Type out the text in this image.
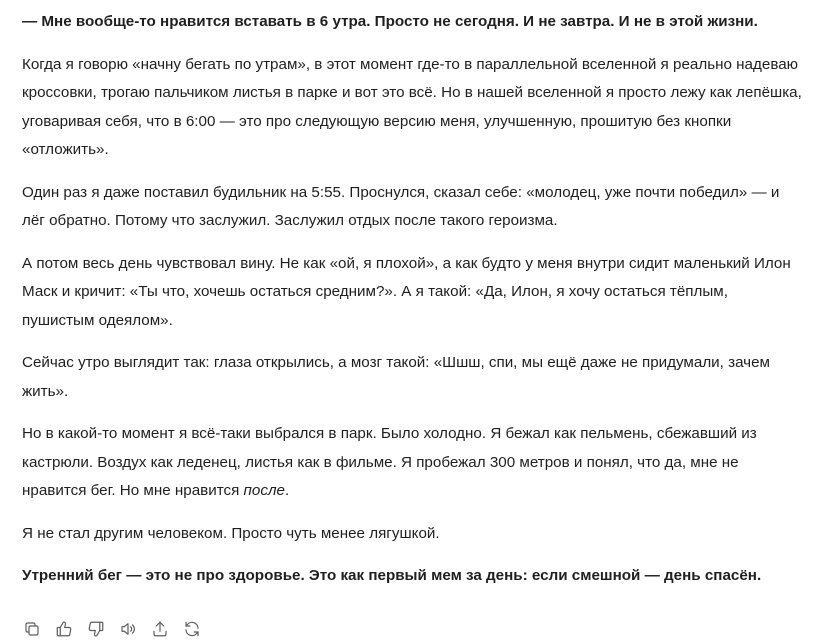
— Мне вообще-то нравится вставать в 6 утра. Просто не сегодня. И не завтра. И не в этой жизни.

Когда я говорю «начну бегать по утрам», в этот момент где-то в параллельной вселенной я реально надеваю кроссовки, трогаю пальчиком листья в парке и вот это всё. Но в нашей вселенной я просто лежу как лепёшка, уговаривая себя, что в 6:00 — это про следующую версию меня, улучшенную, прошитую без кнопки «отложить».

Один раз я даже поставил будильник на 5:55. Проснулся, сказал себе: «молодец, уже почти победил» — и лёг обратно. Потому что заслужил. Заслужил отдых после такого героизма.

А потом весь день чувствовал вину. Не как «ой, я плохой», а как будто у меня внутри сидит маленький Илон Маск и кричит: «Ты что, хочешь остаться средним?». А я такой: «Да, Илон, я хочу остаться тёплым, пушистым одеялом».

Сейчас утро выглядит так: глаза открылись, а мозг такой: «Шшш, спи, мы ещё даже не придумали, зачем жить».

Но в какой-то момент я всё-таки выбрался в парк. Было холодно. Я бежал как пельмень, сбежавший из кастрюли. Воздух как леденец, листья как в фильме. Я пробежал 300 метров и понял, что да, мне не нравится бег. Но мне нравится после.

Я не стал другим человеком. Просто чуть менее лягушкой.

Утренний бег — это не про здоровье. Это как первый мем за день: если смешной — день спасён.
